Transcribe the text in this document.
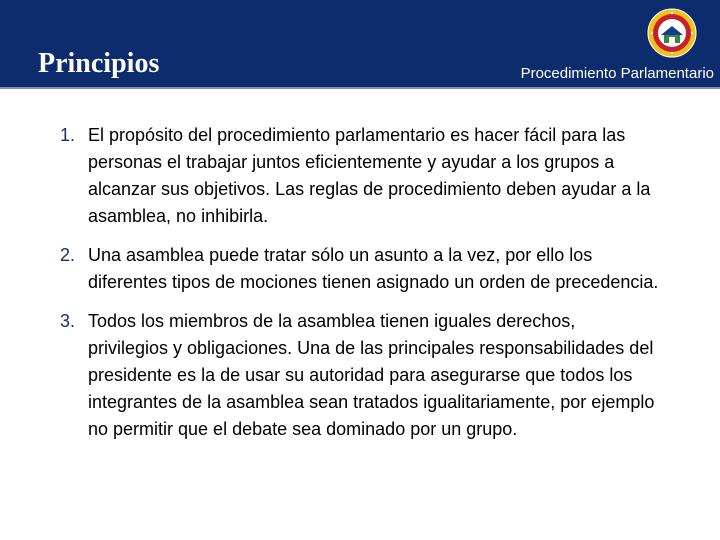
Principios	Procedimiento Parlamentario
1. El propósito del procedimiento parlamentario es hacer fácil para las personas el trabajar juntos eficientemente y ayudar a los grupos a alcanzar sus objetivos. Las reglas de procedimiento deben ayudar a la asamblea, no inhibirla.
2. Una asamblea puede tratar sólo un asunto a la vez, por ello los diferentes tipos de mociones tienen asignado un orden de precedencia.
3. Todos los miembros de la asamblea tienen iguales derechos, privilegios y obligaciones. Una de las principales responsabilidades del presidente es la de usar su autoridad para asegurarse que todos los integrantes de la asamblea sean tratados igualitariamente, por ejemplo no permitir que el debate sea dominado por un grupo.
